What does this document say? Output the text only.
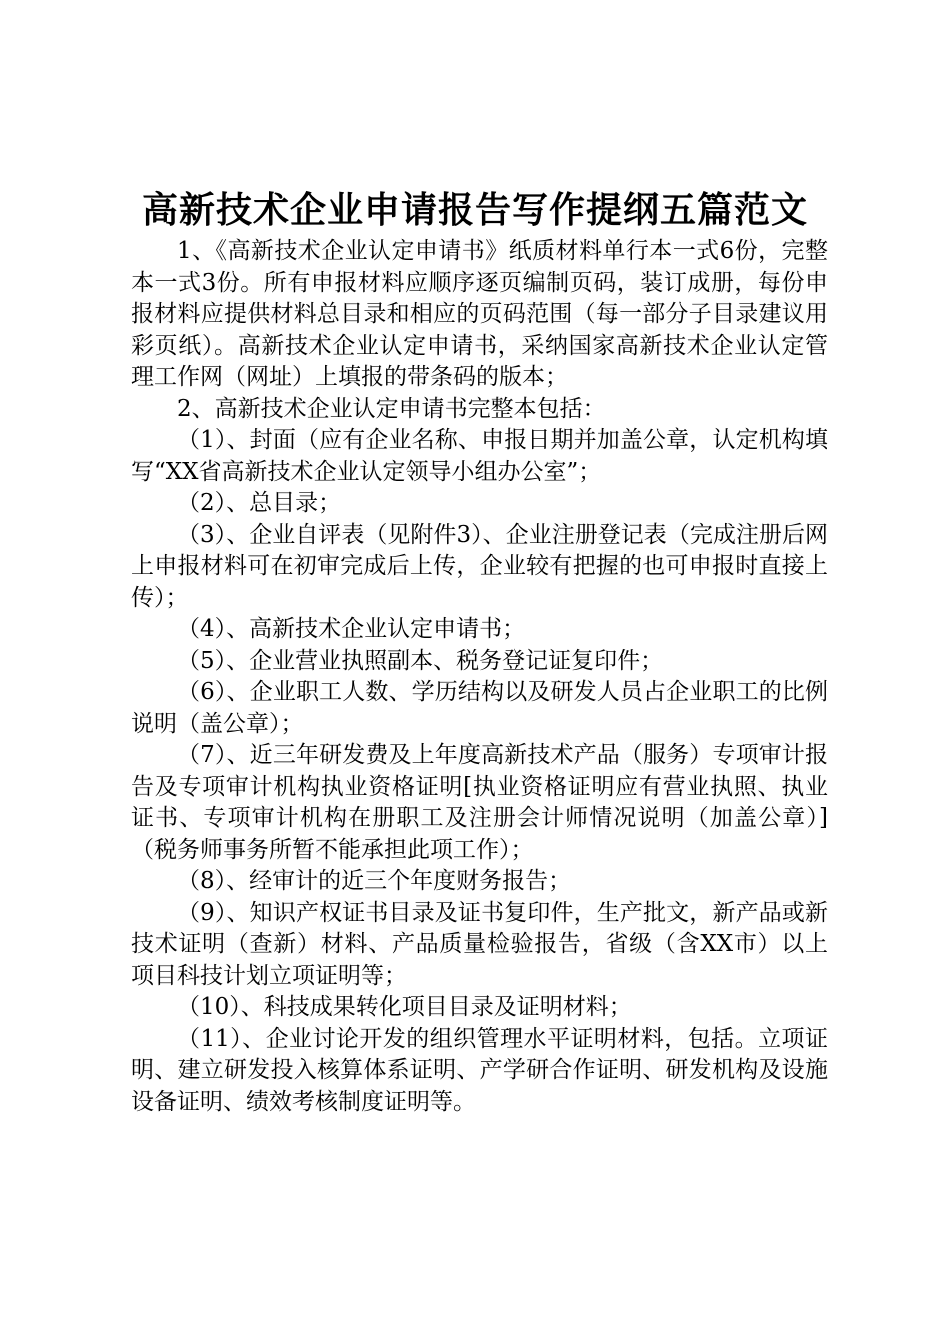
高新技术企业申请报告写作提纲五篇范文

1、《高新技术企业认定申请书》纸质材料单行本一式6份，完整本一式3份。所有申报材料应顺序逐页编制页码，装订成册，每份申报材料应提供材料总目录和相应的页码范围（每一部分子目录建议用彩页纸）。高新技术企业认定申请书，采纳国家高新技术企业认定管理工作网（网址）上填报的带条码的版本；

2、高新技术企业认定申请书完整本包括：

（1）、封面（应有企业名称、申报日期并加盖公章，认定机构填写“XX省高新技术企业认定领导小组办公室”；

（2）、总目录；

（3）、企业自评表（见附件3）、企业注册登记表（完成注册后网上申报材料可在初审完成后上传，企业较有把握的也可申报时直接上传）；

（4）、高新技术企业认定申请书；

（5）、企业营业执照副本、税务登记证复印件；

（6）、企业职工人数、学历结构以及研发人员占企业职工的比例说明（盖公章）；

（7）、近三年研发费及上年度高新技术产品（服务）专项审计报告及专项审计机构执业资格证明[执业资格证明应有营业执照、执业证书、专项审计机构在册职工及注册会计师情况说明（加盖公章）]（税务师事务所暂不能承担此项工作）；

（8）、经审计的近三个年度财务报告；

（9）、知识产权证书目录及证书复印件，生产批文，新产品或新技术证明（查新）材料、产品质量检验报告，省级（含XX市）以上项目科技计划立项证明等；

（10）、科技成果转化项目目录及证明材料；

（11）、企业讨论开发的组织管理水平证明材料，包括。立项证明、建立研发投入核算体系证明、产学研合作证明、研发机构及设施设备证明、绩效考核制度证明等。
